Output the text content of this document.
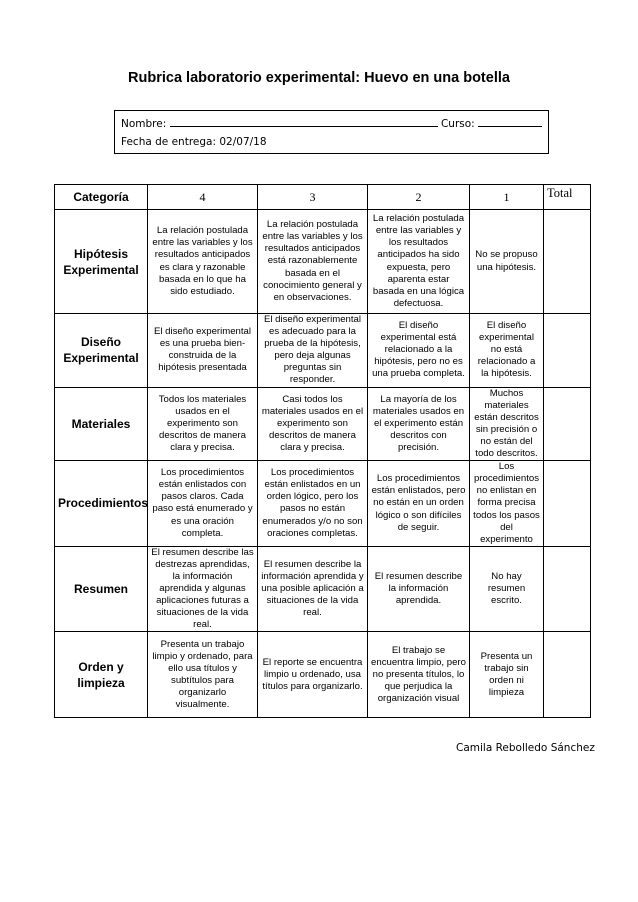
Rubrica laboratorio experimental: Huevo en una botella
Nombre:	Curso:
Fecha de entrega: 02/07/18
Categoría	4	3	2	1	Total
Hipótesis Experimental	La relación postulada entre las variables y los resultados anticipados es clara y razonable basada en lo que ha sido estudiado.	La relación postulada entre las variables y los resultados anticipados está razonablemente basada en el conocimiento general y en observaciones.	La relación postulada entre las variables y los resultados anticipados ha sido expuesta, pero aparenta estar basada en una lógica defectuosa.	No se propuso una hipótesis.	
Diseño Experimental	El diseño experimental es una prueba bien-construida de la hipótesis presentada	El diseño experimental es adecuado para la prueba de la hipótesis, pero deja algunas preguntas sin responder.	El diseño experimental está relacionado a la hipótesis, pero no es una prueba completa.	El diseño experimental no está relacionado a la hipótesis.	
Materiales	Todos los materiales usados en el experimento son descritos de manera clara y precisa.	Casi todos los materiales usados en el experimento son descritos de manera clara y precisa.	La mayoría de los materiales usados en el experimento están descritos con precisión.	Muchos materiales están descritos sin precisión o no están del todo descritos.	
Procedimientos	Los procedimientos están enlistados con pasos claros. Cada paso está enumerado y es una oración completa.	Los procedimientos están enlistados en un orden lógico, pero los pasos no están enumerados y/o no son oraciones completas.	Los procedimientos están enlistados, pero no están en un orden lógico o son difíciles de seguir.	Los procedimientos no enlistan en forma precisa todos los pasos del experimento	
Resumen	El resumen describe las destrezas aprendidas, la información aprendida y algunas aplicaciones futuras a situaciones de la vida real.	El resumen describe la información aprendida y una posible aplicación a situaciones de la vida real.	El resumen describe la información aprendida.	No hay resumen escrito.	
Orden y limpieza	Presenta un trabajo limpio y ordenado, para ello usa títulos y subtítulos para organizarlo visualmente.	El reporte se encuentra limpio u ordenado, usa títulos para organizarlo.	El trabajo se encuentra limpio, pero no presenta títulos, lo que perjudica la organización visual	Presenta un trabajo sin orden ni limpieza	
Camila Rebolledo Sánchez
